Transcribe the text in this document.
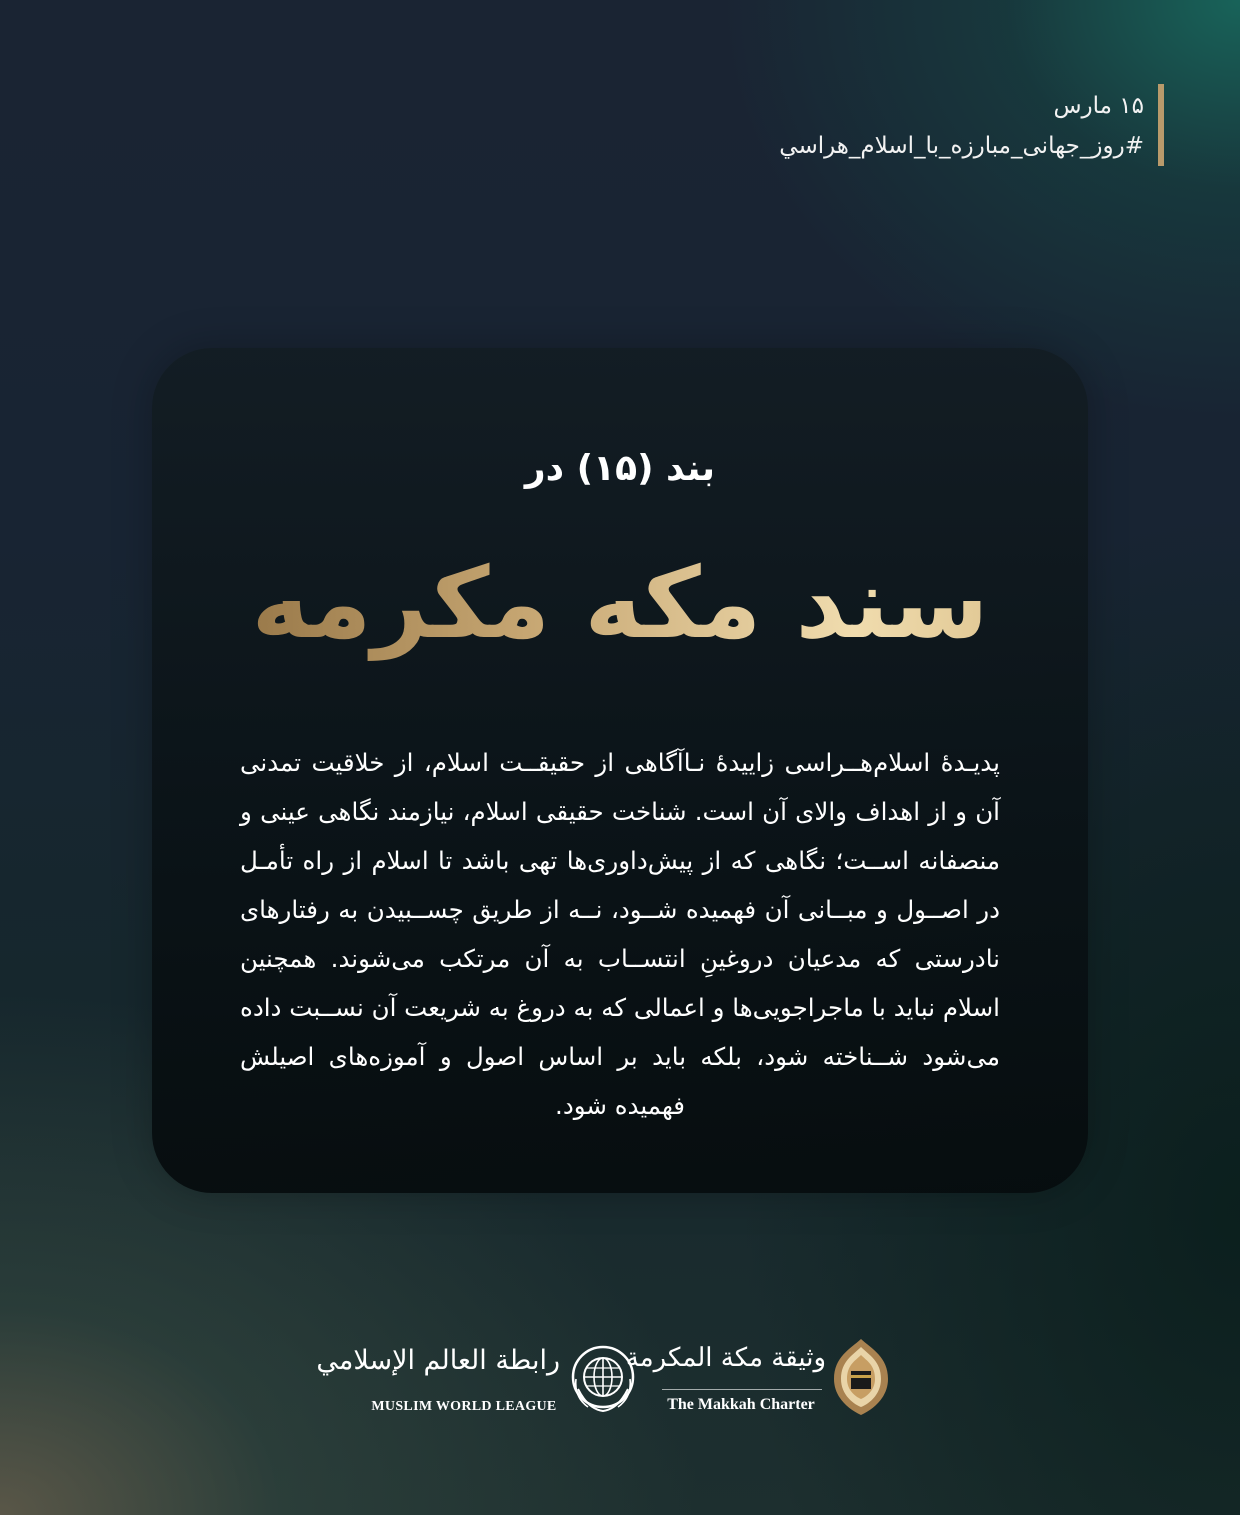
۱۵ مارس
#روز_جهانی_مبارزه_با_اسلام_هراسي
بند (۱۵) در
سند مکه مکرمه
پدیـدۀ اسلام‌هــراسی زاییدۀ نـاآگاهی از حقیقــت اسلام، از خلاقیت تمدنی آن و از اهداف والای آن است. شناخت حقیقی اسلام، نیازمند نگاهی عینی و منصفانه اســت؛ نگاهی که از پیش‌داوری‌ها تهی باشد تا اسلام از راه تأمـل در اصــول و مبــانی آن فهمیده شــود، نــه از طریق چســبیدن به رفتارهای نادرستی که مدعیان دروغینِ انتســاب به آن مرتکب می‌شوند. همچنین اسلام نباید با ماجراجویی‌ها و اعمالی که به دروغ به شریعت آن نســبت داده می‌شود شــناخته شود، بلکه باید بر اساس اصول و آموزه‌های اصیلش فهمیده شود.
رابطة العالم الإسلامي
MUSLIM WORLD LEAGUE
وثيقة مكة المكرمة
The Makkah Charter
